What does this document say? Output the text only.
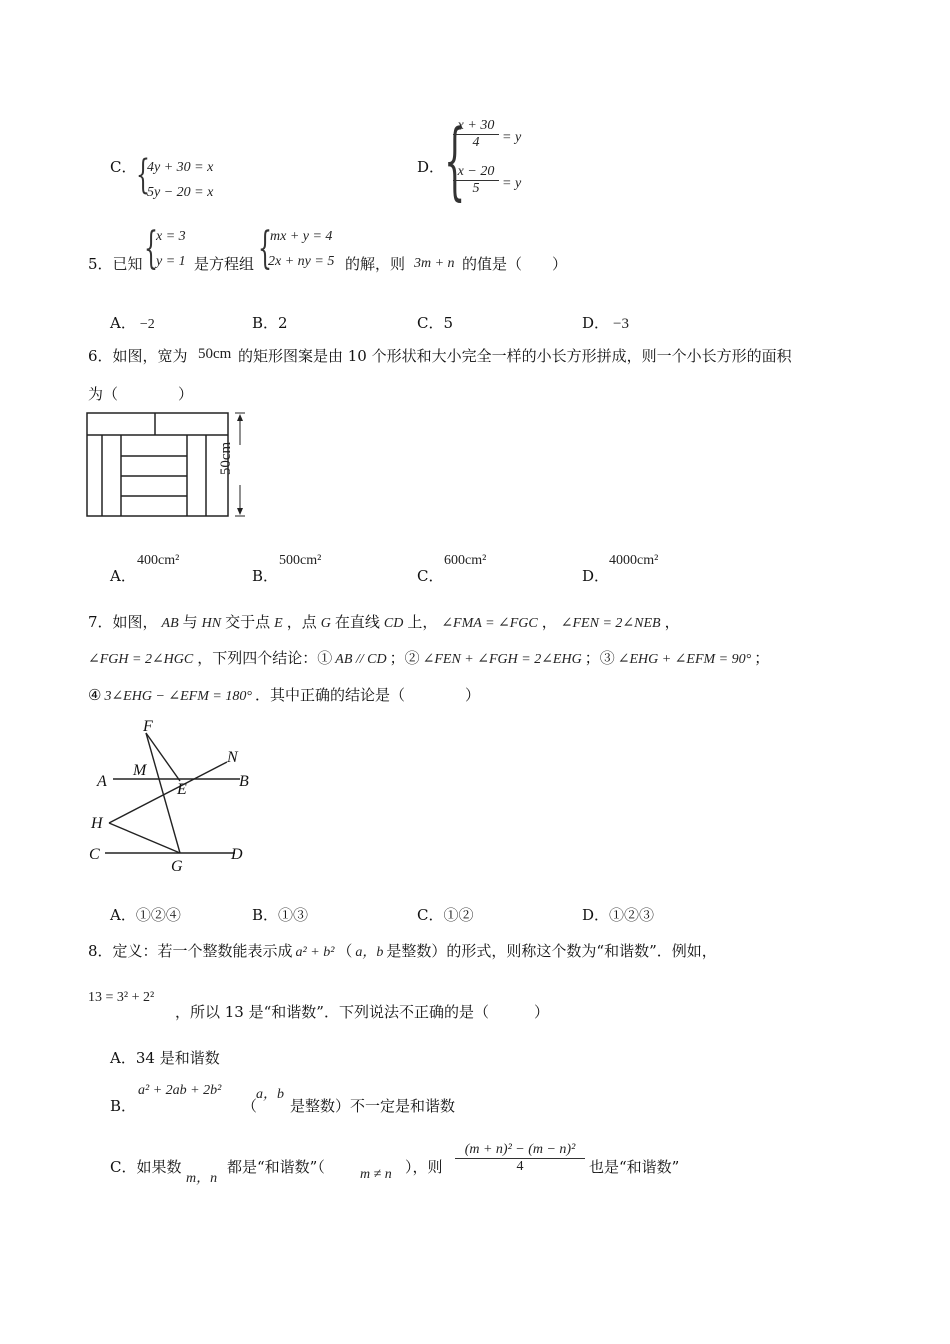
C． {
4y + 30 = x
5y − 20 = x
D． {
$\frac{x + 30}{4} = y$
$\frac{x - 20}{5} = y$
5．已知 {
x = 3
y = 1 是方程组 {
mx + y = 4
2x + ny = 5 的解，则 3m + n 的值是（　　）
A． −2	B．2	C．5	D． −3
6．如图，宽为 50cm 的矩形图案是由 10 个形状和大小完全一样的小长方形拼成，则一个小长方形的面积
为（　　　　）
50cm
A．
400cm²
B．
500cm²
C．
600cm²
D．
4000cm²
7．如图， AB 与 HN 交于点 E ，点 G 在直线 CD 上， ∠FMA = ∠FGC ， ∠FEN = 2∠NEB ，
∠FGH = 2∠HGC ，下列四个结论：① AB // CD ；② ∠FEN + ∠FGH = 2∠EHG ；③ ∠EHG + ∠EFM = 90° ；
④ 3∠EHG − ∠EFM = 180° ．其中正确的结论是（　　　　）
F
N
A
M
B
E
H
C
G
D
A．①②④	B．①③	C．①②	D．①②③
8．定义：若一个整数能表示成 a² + b² （ a，b 是整数）的形式，则称这个数为“和谐数”．例如，
13 = 3² + 2²
，所以 13 是“和谐数”．下列说法不正确的是（　　　）
A．34 是和谐数
B．
a² + 2ab + 2b²
（
a，b
是整数）不一定是和谐数
C．如果数
m，n
都是“和谐数”（	m ≠ n ），则 $\frac{\text{(m + n)² − (m − n)²}}{4}$ 也是“和谐数”
